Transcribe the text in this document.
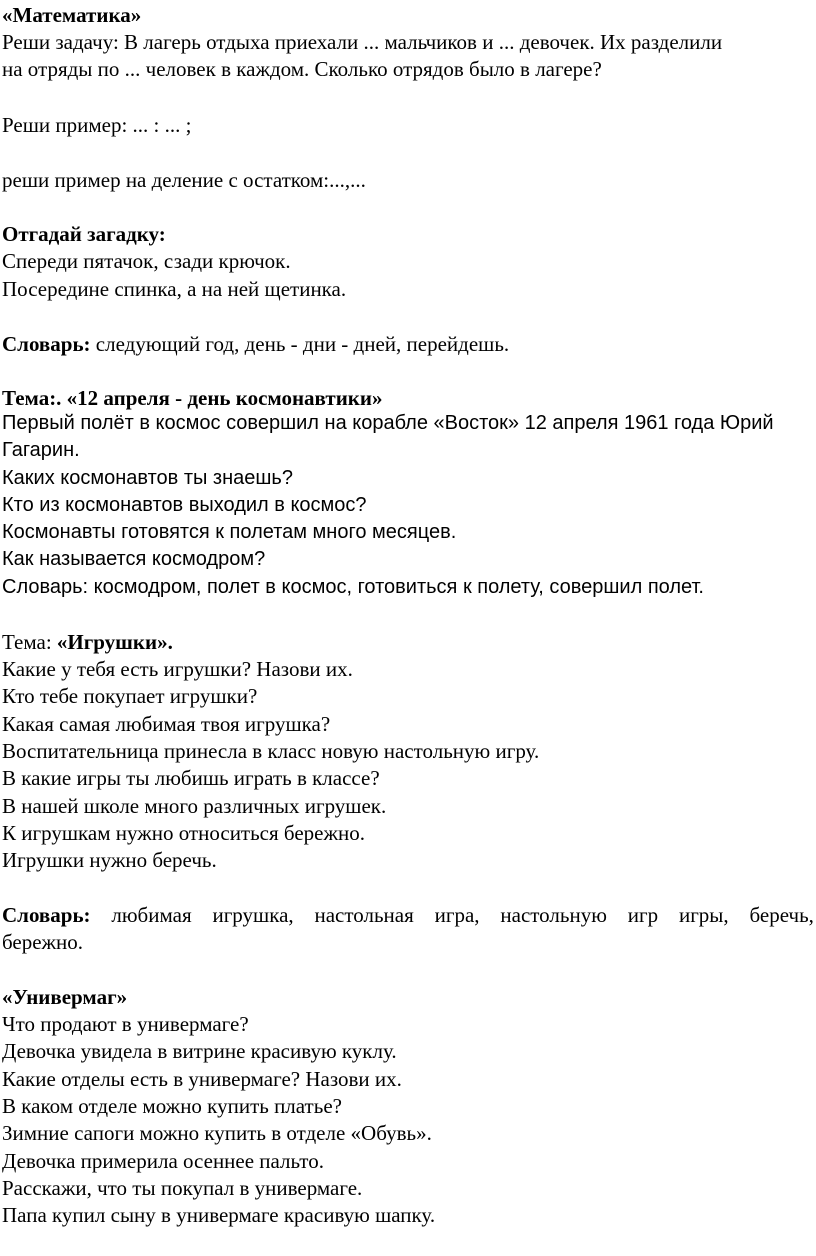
«Математика»
Реши задачу: В лагерь отдыха приехали ... мальчиков и ... девочек. Их разделили
на отряды по ... человек в каждом. Сколько отрядов было в лагере?
Реши пример: ... : ... ;
реши пример на деление с остатком:...,...
Отгадай загадку:
Спереди пятачок, сзади крючок.
Посередине спинка, а на ней щетинка.
Словарь: следующий год, день - дни - дней, перейдешь.
Тема:. «12 апреля - день космонавтики»
Первый полёт в космос совершил на корабле «Восток» 12 апреля 1961 года Юрий
Гагарин.
Каких космонавтов ты знаешь?
Кто из космонавтов выходил в космос?
Космонавты готовятся к полетам много месяцев.
Как называется космодром?
Словарь: космодром, полет в космос, готовиться к полету, совершил полет.
Тема: «Игрушки».
Какие у тебя есть игрушки? Назови их.
Кто тебе покупает игрушки?
Какая самая любимая твоя игрушка?
Воспитательница принесла в класс новую настольную игру.
В какие игры ты любишь играть в классе?
В нашей школе много различных игрушек.
К игрушкам нужно относиться бережно.
Игрушки нужно беречь.
Словарь: любимая игрушка, настольная игра, настольную игр игры, беречь,
бережно.
«Универмаг»
Что продают в универмаге?
Девочка увидела в витрине красивую куклу.
Какие отделы есть в универмаге? Назови их.
В каком отделе можно купить платье?
Зимние сапоги можно купить в отделе «Обувь».
Девочка примерила осеннее пальто.
Расскажи, что ты покупал в универмаге.
Папа купил сыну в универмаге красивую шапку.
